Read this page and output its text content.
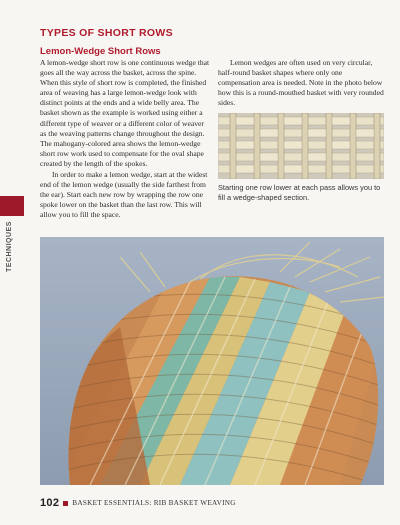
TYPES OF SHORT ROWS
Lemon-Wedge Short Rows

A lemon-wedge short row is one continuous wedge that goes all the way across the basket, across the spine. When this style of short row is completed, the finished area of weaving has a large lemon-wedge look with distinct points at the ends and a wide belly area. The basket shown as the example is worked using either a different type of weaver or a different color of weaver as the weaving patterns change throughout the design. The mahogany-colored area shows the lemon-wedge short row work used to compensate for the oval shape created by the length of the spokes.

In order to make a lemon wedge, start at the widest end of the lemon wedge (usually the side farthest from the ear). Start each new row by wrapping the row one spoke lower on the basket than the last row. This will allow you to fill the space.

Lemon wedges are often used on very circular, half-round basket shapes where only one compensation area is needed. Note in the photo below how this is a round-mouthed basket with very rounded sides.

Starting one row lower at each pass allows you to fill a wedge-shaped section.
TECHNIQUES
102 BASKET ESSENTIALS: RIB BASKET WEAVING
